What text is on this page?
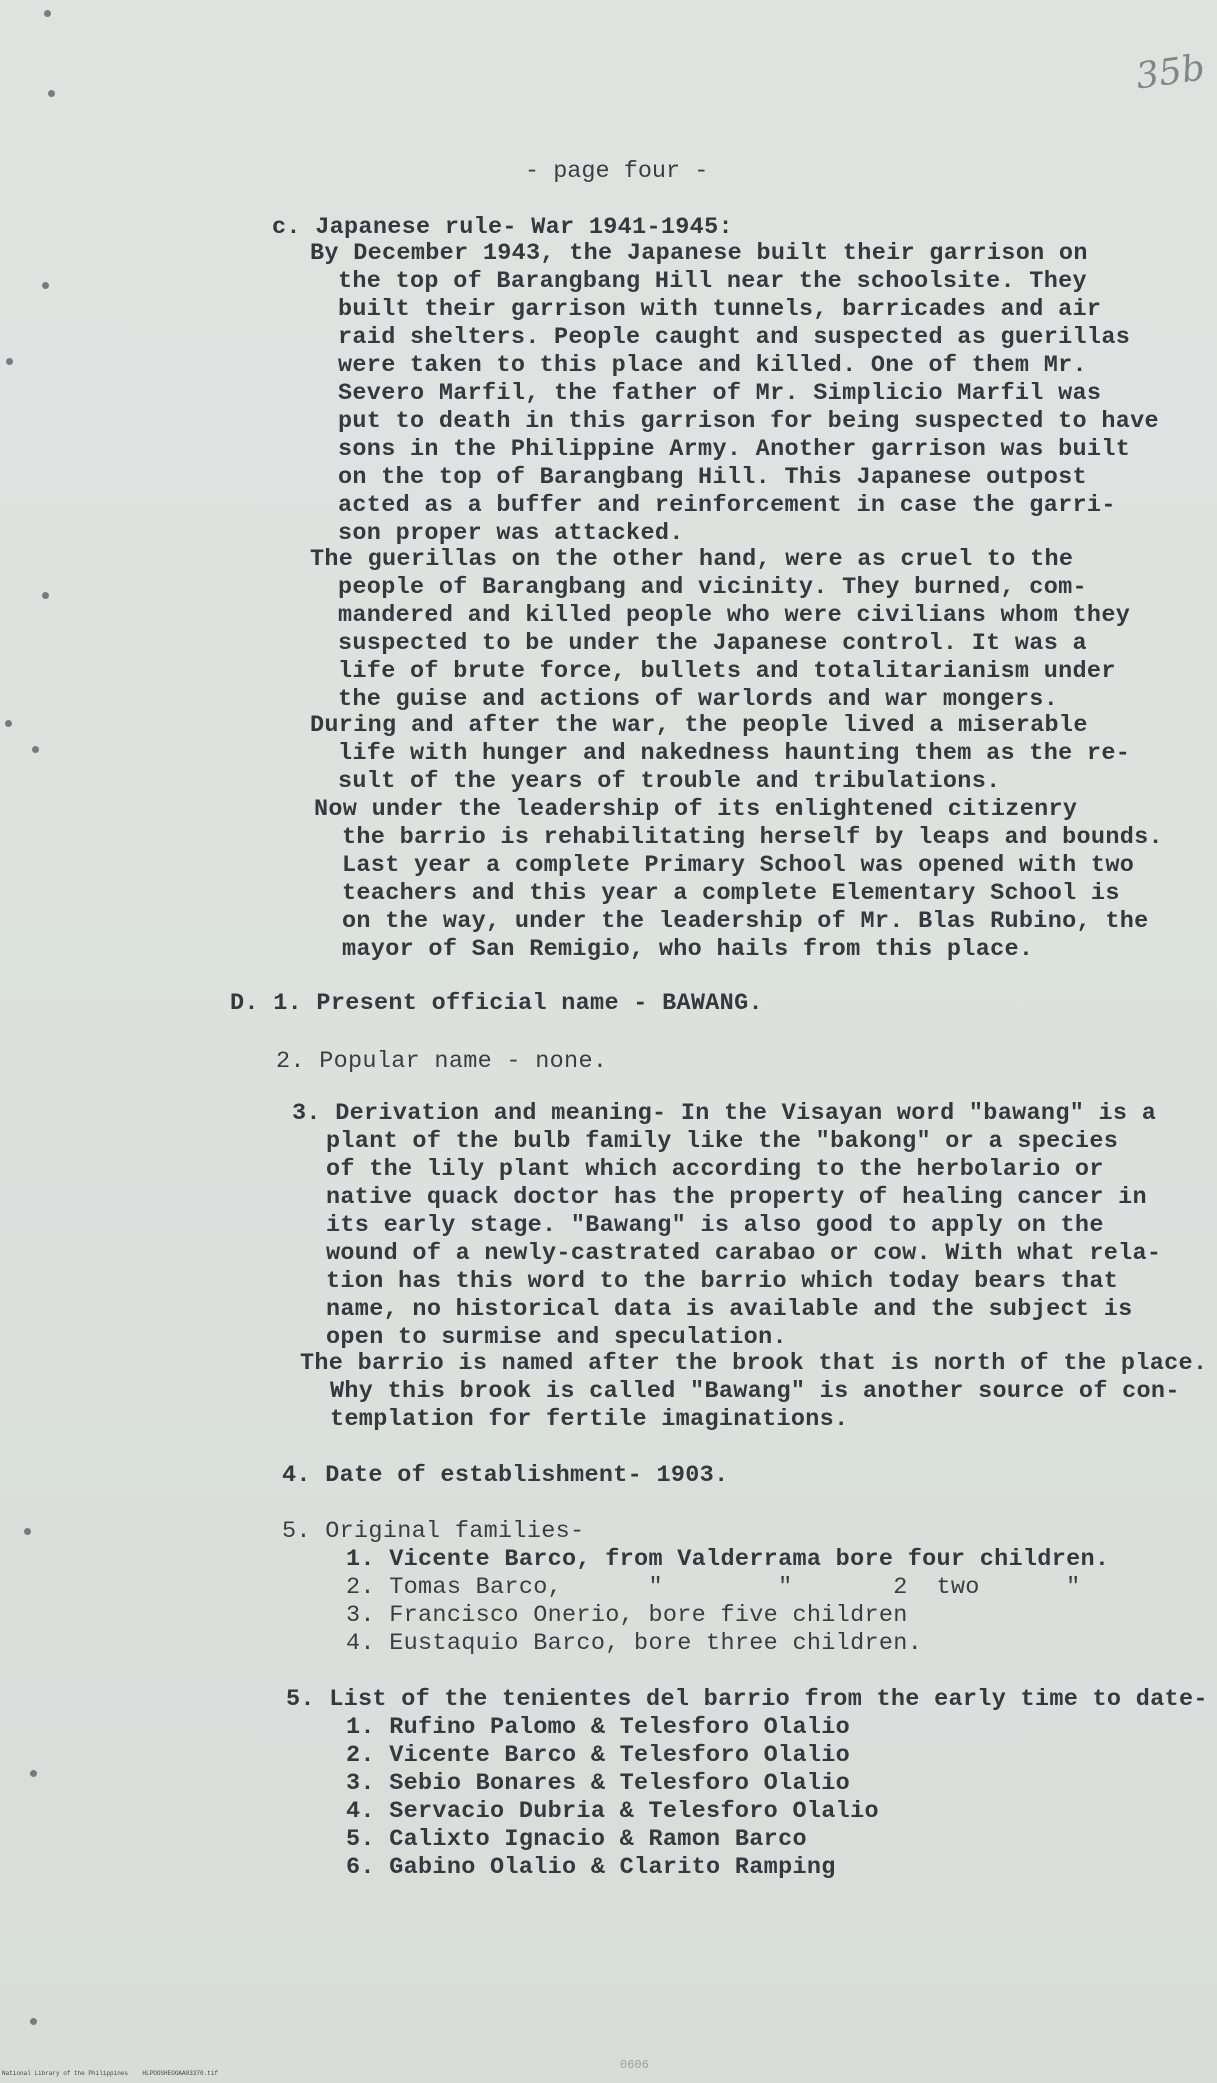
35b
- page four -
c. Japanese rule- War 1941-1945:
By December 1943, the Japanese built their garrison on
the top of Barangbang Hill near the schoolsite. They
built their garrison with tunnels, barricades and air
raid shelters. People caught and suspected as guerillas
were taken to this place and killed. One of them Mr.
Severo Marfil, the father of Mr. Simplicio Marfil was
put to death in this garrison for being suspected to have
sons in the Philippine Army. Another garrison was built
on the top of Barangbang Hill. This Japanese outpost
acted as a buffer and reinforcement in case the garri-
son proper was attacked.
The guerillas on the other hand, were as cruel to the
people of Barangbang and vicinity. They burned, com-
mandered and killed people who were civilians whom they
suspected to be under the Japanese control. It was a
life of brute force, bullets and totalitarianism under
the guise and actions of warlords and war mongers.
During and after the war, the people lived a miserable
life with hunger and nakedness haunting them as the re-
sult of the years of trouble and tribulations.
Now under the leadership of its enlightened citizenry
the barrio is rehabilitating herself by leaps and bounds.
Last year a complete Primary School was opened with two
teachers and this year a complete Elementary School is
on the way, under the leadership of Mr. Blas Rubino, the
mayor of San Remigio, who hails from this place.
D. 1. Present official name - BAWANG.
2. Popular name - none.
3. Derivation and meaning- In the Visayan word "bawang" is a
plant of the bulb family like the "bakong" or a species
of the lily plant which according to the herbolario or
native quack doctor has the property of healing cancer in
its early stage. "Bawang" is also good to apply on the
wound of a newly-castrated carabao or cow. With what rela-
tion has this word to the barrio which today bears that
name, no historical data is available and the subject is
open to surmise and speculation.
The barrio is named after the brook that is north of the place.
Why this brook is called "Bawang" is another source of con-
templation for fertile imaginations.
4. Date of establishment- 1903.
5. Original families-
1. Vicente Barco, from Valderrama bore four children.
2. Tomas Barco,      "        "       2  two      "
3. Francisco Onerio, bore five children
4. Eustaquio Barco, bore three children.
5. List of the tenientes del barrio from the early time to date-
1. Rufino Palomo & Telesforo Olalio
2. Vicente Barco & Telesforo Olalio
3. Sebio Bonares & Telesforo Olalio
4. Servacio Dubria & Telesforo Olalio
5. Calixto Ignacio & Ramon Barco
6. Gabino Olalio & Clarito Ramping
0606
National Library of the Philippines    HLPOOSHEOOAA03370.tif
